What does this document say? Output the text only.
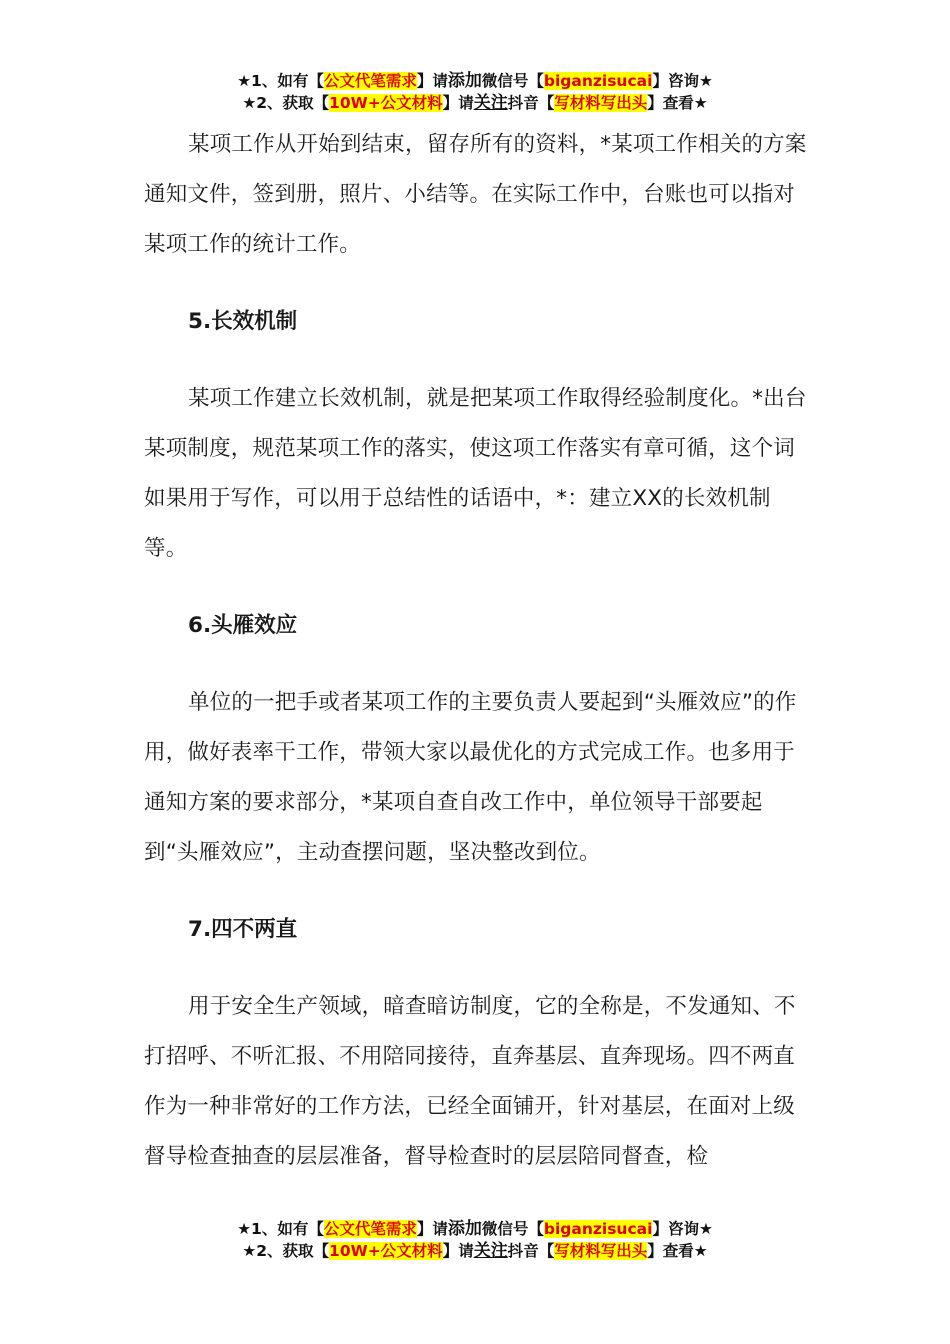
★1、如有【公文代笔需求】请添加微信号【biganzisucai】咨询★
★2、获取【10W+公文材料】请关注抖音【写材料写出头】查看★

某项工作从开始到结束，留存所有的资料，*某项工作相关的方案通知文件，签到册，照片、小结等。在实际工作中，台账也可以指对某项工作的统计工作。

5.长效机制

某项工作建立长效机制，就是把某项工作取得经验制度化。*出台某项制度，规范某项工作的落实，使这项工作落实有章可循，这个词如果用于写作，可以用于总结性的话语中，*：建立XX的长效机制等。

6.头雁效应

单位的一把手或者某项工作的主要负责人要起到“头雁效应”的作用，做好表率干工作，带领大家以最优化的方式完成工作。也多用于通知方案的要求部分，*某项自查自改工作中，单位领导干部要起到“头雁效应”，主动查摆问题，坚决整改到位。

7.四不两直

用于安全生产领域，暗查暗访制度，它的全称是，不发通知、不打招呼、不听汇报、不用陪同接待，直奔基层、直奔现场。四不两直作为一种非常好的工作方法，已经全面铺开，针对基层，在面对上级督导检查抽查的层层准备，督导检查时的层层陪同督查，检

★1、如有【公文代笔需求】请添加微信号【biganzisucai】咨询★
★2、获取【10W+公文材料】请关注抖音【写材料写出头】查看★
